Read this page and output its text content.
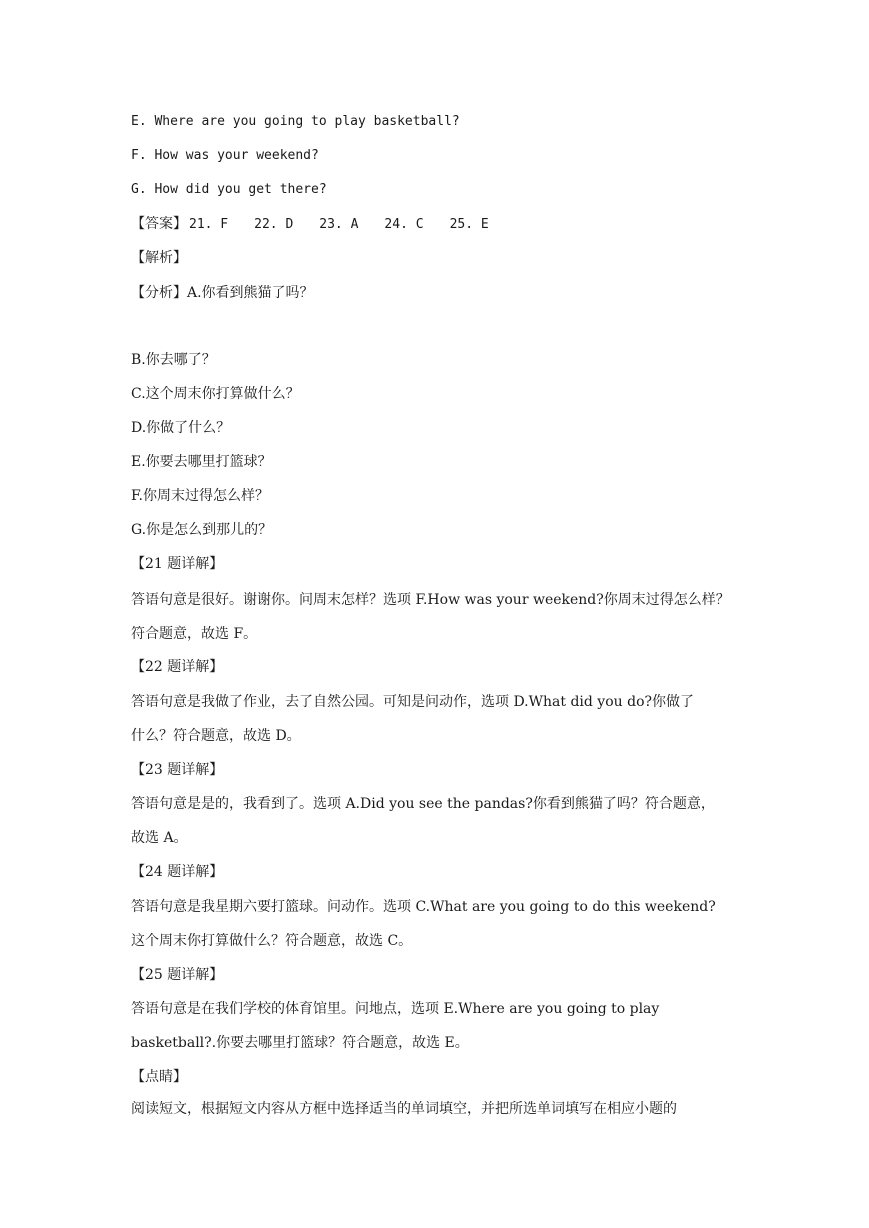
E. Where are you going to play basketball?
F. How was your weekend?
G. How did you get there?
【答案】 21. F 22. D 23. A 24. C 25. E
【解析】
【分析】A.你看到熊猫了吗？
B.你去哪了？
C.这个周末你打算做什么？
D.你做了什么？
E.你要去哪里打篮球？
F.你周末过得怎么样？
G.你是怎么到那儿的？
【21 题详解】
答语句意是很好。谢谢你。问周末怎样？选项 F.How was your weekend?你周末过得怎么样？
符合题意，故选 F。
【22 题详解】
答语句意是我做了作业，去了自然公园。可知是问动作，选项 D.What did you do?你做了
什么？符合题意，故选 D。
【23 题详解】
答语句意是是的，我看到了。选项 A.Did you see the pandas?你看到熊猫了吗？符合题意，
故选 A。
【24 题详解】
答语句意是我星期六要打篮球。问动作。选项 C.What are you going to do this weekend?
这个周末你打算做什么？符合题意，故选 C。
【25 题详解】
答语句意是在我们学校的体育馆里。问地点，选项 E.Where are you going to play
basketball?.你要去哪里打篮球？符合题意，故选 E。
【点睛】
阅读短文，根据短文内容从方框中选择适当的单词填空，并把所选单词填写在相应小题的
